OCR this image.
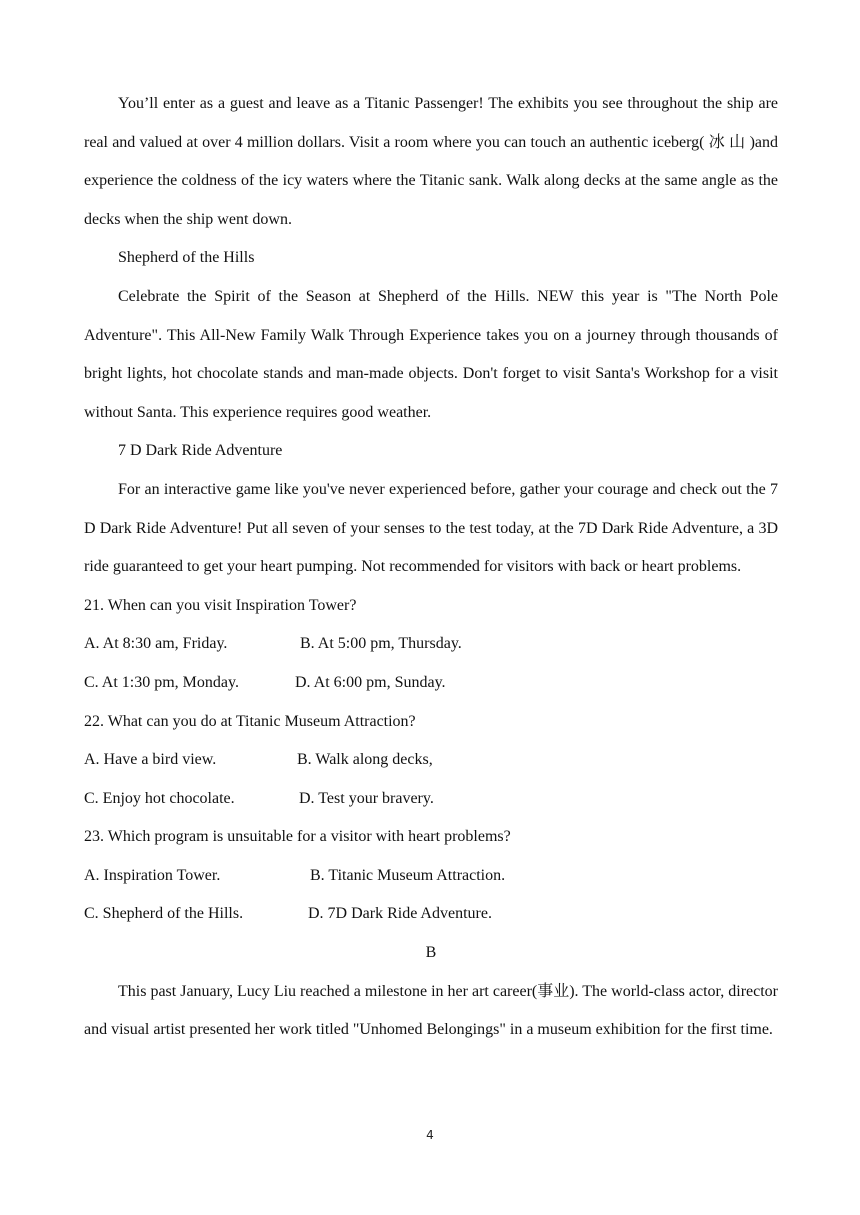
You’ll enter as a guest and leave as a Titanic Passenger! The exhibits you see throughout the ship are real and valued at over 4 million dollars. Visit a room where you can touch an authentic iceberg( 冰 山 )and experience the coldness of the icy waters where the Titanic sank. Walk along decks at the same angle as the decks when the ship went down.

Shepherd of the Hills

Celebrate the Spirit of the Season at Shepherd of the Hills. NEW this year is "The North Pole Adventure". This All-New Family Walk Through Experience takes you on a journey through thousands of bright lights, hot chocolate stands and man-made objects. Don't forget to visit Santa's Workshop for a visit without Santa. This experience requires good weather.

7 D Dark Ride Adventure

For an interactive game like you've never experienced before, gather your courage and check out the 7 D Dark Ride Adventure! Put all seven of your senses to the test today, at the 7D Dark Ride Adventure, a 3D ride guaranteed to get your heart pumping. Not recommended for visitors with back or heart problems.

21. When can you visit Inspiration Tower?

A. At 8:30 am, Friday.	B. At 5:00 pm, Thursday.
C. At 1:30 pm, Monday.	D. At 6:00 pm, Sunday.

22. What can you do at Titanic Museum Attraction?

A. Have a bird view.	B. Walk along decks,
C. Enjoy hot chocolate.	D. Test your bravery.

23. Which program is unsuitable for a visitor with heart problems?

A. Inspiration Tower.	B. Titanic Museum Attraction.
C. Shepherd of the Hills.	D. 7D Dark Ride Adventure.

B

This past January, Lucy Liu reached a milestone in her art career(事业). The world-class actor, director and visual artist presented her work titled "Unhomed Belongings" in a museum exhibition for the first time.

4
